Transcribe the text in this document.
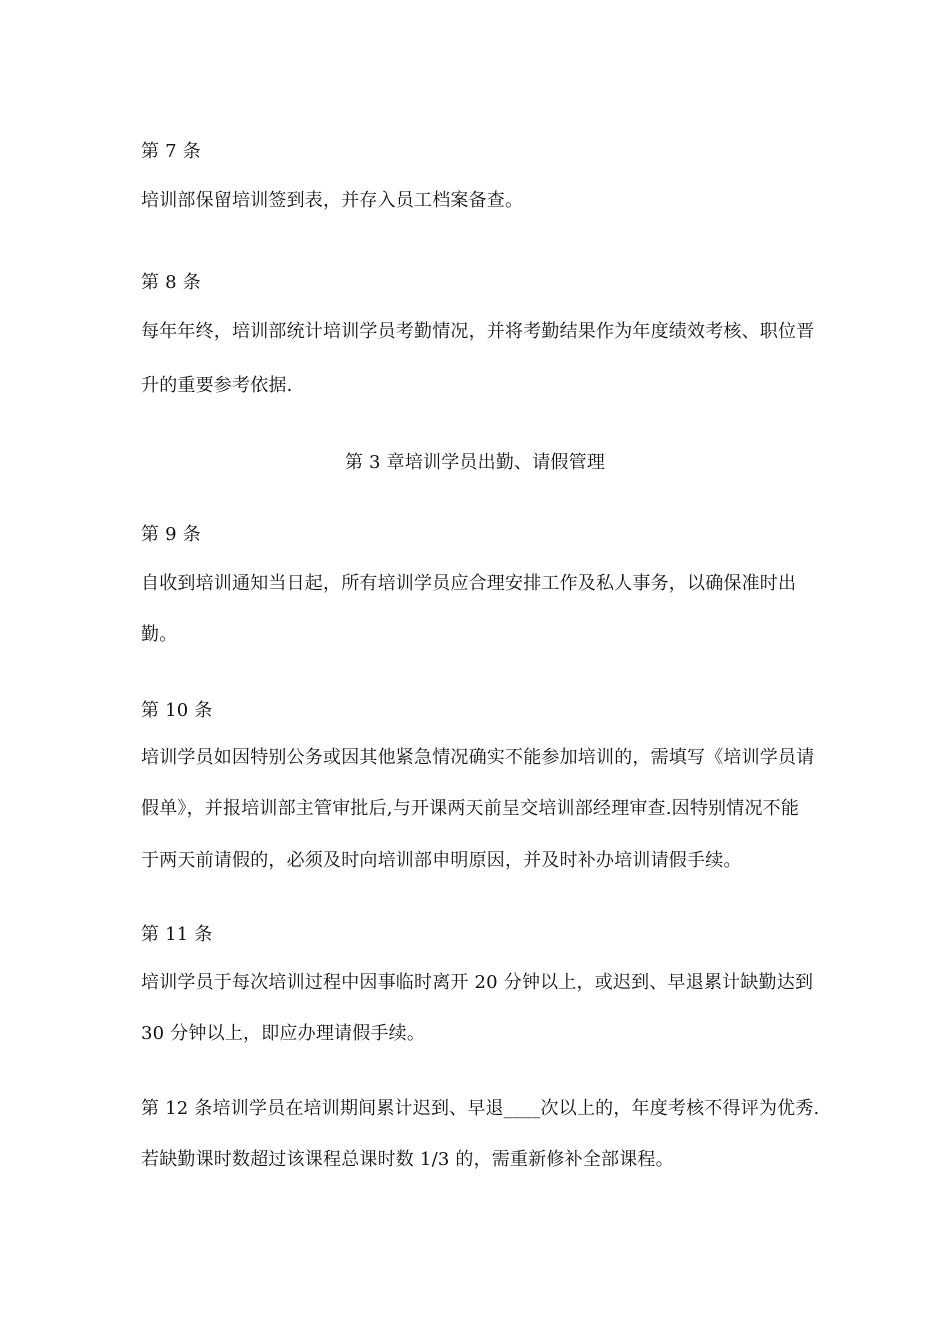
第 7 条
培训部保留培训签到表，并存入员工档案备查。
第 8 条
每年年终，培训部统计培训学员考勤情况，并将考勤结果作为年度绩效考核、职位晋
升的重要参考依据.
第 3 章培训学员出勤、请假管理
第 9 条
自收到培训通知当日起，所有培训学员应合理安排工作及私人事务，以确保准时出
勤。
第 10 条
培训学员如因特别公务或因其他紧急情况确实不能参加培训的，需填写《培训学员请
假单》，并报培训部主管审批后,与开课两天前呈交培训部经理审查.因特别情况不能
于两天前请假的，必须及时向培训部申明原因，并及时补办培训请假手续。
第 11 条
培训学员于每次培训过程中因事临时离开 20 分钟以上，或迟到、早退累计缺勤达到
30 分钟以上，即应办理请假手续。
第 12 条培训学员在培训期间累计迟到、早退____次以上的，年度考核不得评为优秀.
若缺勤课时数超过该课程总课时数 1/3 的，需重新修补全部课程。
